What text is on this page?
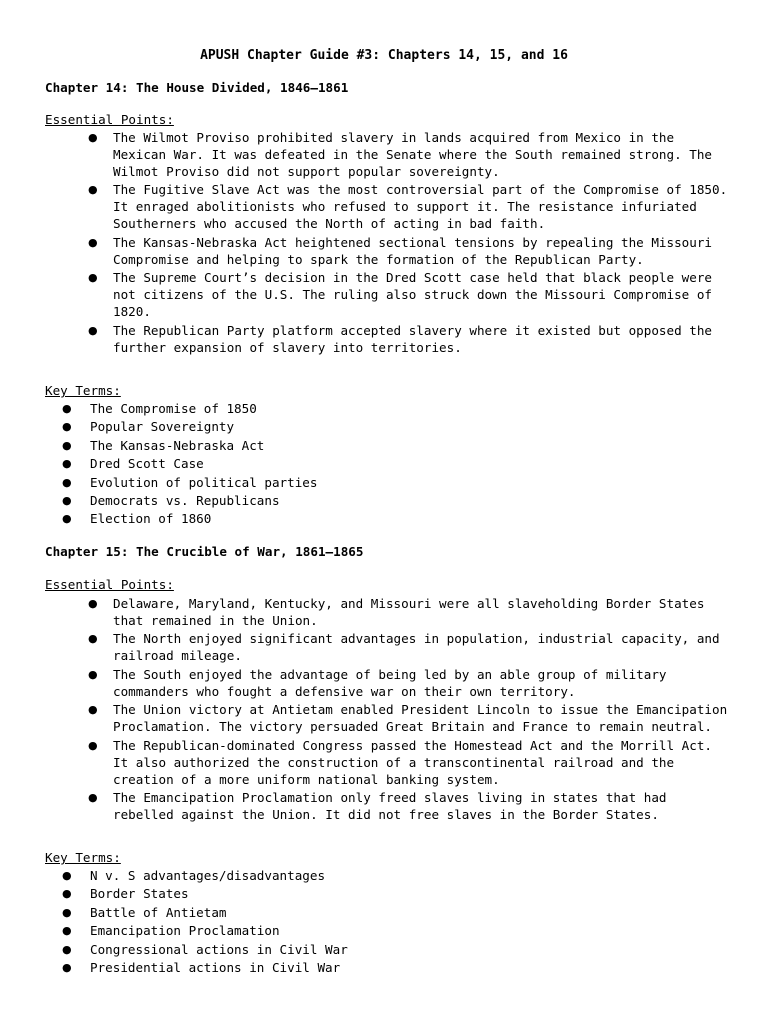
APUSH Chapter Guide #3: Chapters 14, 15, and 16
Chapter 14: The House Divided, 1846–1861

Essential Points:

● The Wilmot Proviso prohibited slavery in lands acquired from Mexico in the Mexican War. It was defeated in the Senate where the South remained strong. The Wilmot Proviso did not support popular sovereignty.
● The Fugitive Slave Act was the most controversial part of the Compromise of 1850. It enraged abolitionists who refused to support it. The resistance infuriated Southerners who accused the North of acting in bad faith.
● The Kansas-Nebraska Act heightened sectional tensions by repealing the Missouri Compromise and helping to spark the formation of the Republican Party.
● The Supreme Court’s decision in the Dred Scott case held that black people were not citizens of the U.S. The ruling also struck down the Missouri Compromise of 1820.
● The Republican Party platform accepted slavery where it existed but opposed the further expansion of slavery into territories.

Key Terms:

● The Compromise of 1850
● Popular Sovereignty
● The Kansas-Nebraska Act
● Dred Scott Case
● Evolution of political parties
● Democrats vs. Republicans
● Election of 1860
Chapter 15: The Crucible of War, 1861–1865

Essential Points:

● Delaware, Maryland, Kentucky, and Missouri were all slaveholding Border States that remained in the Union.
● The North enjoyed significant advantages in population, industrial capacity, and railroad mileage.
● The South enjoyed the advantage of being led by an able group of military commanders who fought a defensive war on their own territory.
● The Union victory at Antietam enabled President Lincoln to issue the Emancipation Proclamation. The victory persuaded Great Britain and France to remain neutral.
● The Republican-dominated Congress passed the Homestead Act and the Morrill Act. It also authorized the construction of a transcontinental railroad and the creation of a more uniform national banking system.
● The Emancipation Proclamation only freed slaves living in states that had rebelled against the Union. It did not free slaves in the Border States.

Key Terms:

● N v. S advantages/disadvantages
● Border States
● Battle of Antietam
● Emancipation Proclamation
● Congressional actions in Civil War
● Presidential actions in Civil War
